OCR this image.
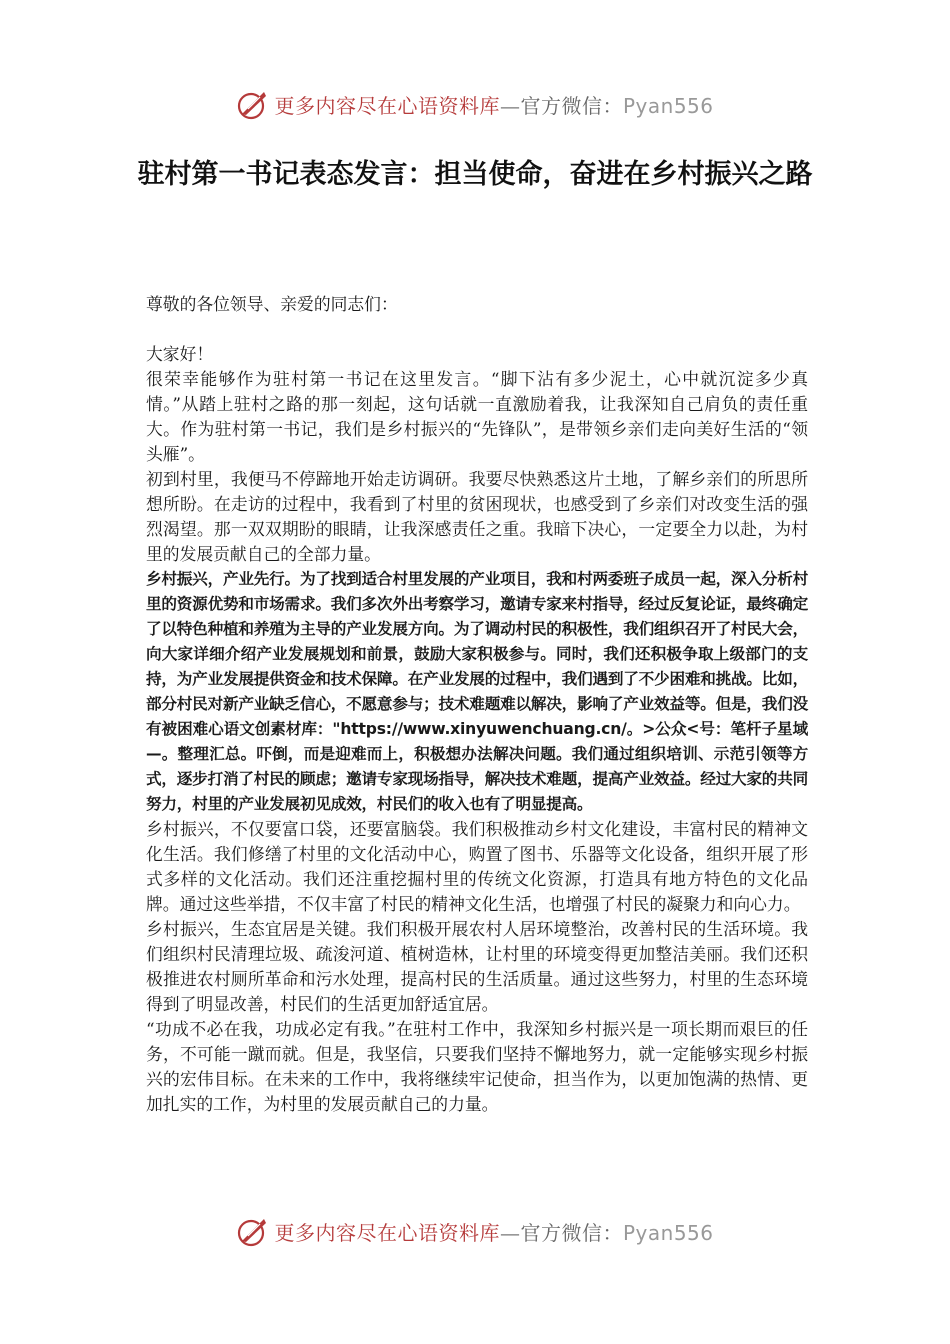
更多内容尽在心语资料库—官方微信：Pyan556
驻村第一书记表态发言：担当使命，奋进在乡村振兴之路

尊敬的各位领导、亲爱的同志们：

大家好！

很荣幸能够作为驻村第一书记在这里发言。“脚下沾有多少泥土，心中就沉淀多少真情。”从踏上驻村之路的那一刻起，这句话就一直激励着我，让我深知自己肩负的责任重大。作为驻村第一书记，我们是乡村振兴的“先锋队”，是带领乡亲们走向美好生活的“领头雁”。

初到村里，我便马不停蹄地开始走访调研。我要尽快熟悉这片土地，了解乡亲们的所思所想所盼。在走访的过程中，我看到了村里的贫困现状，也感受到了乡亲们对改变生活的强烈渴望。那一双双期盼的眼睛，让我深感责任之重。我暗下决心，一定要全力以赴，为村里的发展贡献自己的全部力量。

乡村振兴，产业先行。为了找到适合村里发展的产业项目，我和村两委班子成员一起，深入分析村里的资源优势和市场需求。我们多次外出考察学习，邀请专家来村指导，经过反复论证，最终确定了以特色种植和养殖为主导的产业发展方向。为了调动村民的积极性，我们组织召开了村民大会，向大家详细介绍产业发展规划和前景，鼓励大家积极参与。同时，我们还积极争取上级部门的支持，为产业发展提供资金和技术保障。在产业发展的过程中，我们遇到了不少困难和挑战。比如，部分村民对新产业缺乏信心，不愿意参与；技术难题难以解决，影响了产业效益等。但是，我们没有被困难心语文创素材库："https://www.xinyuwenchuang.cn/。>公众<号：笔杆子星域—。整理汇总。吓倒，而是迎难而上，积极想办法解决问题。我们通过组织培训、示范引领等方式，逐步打消了村民的顾虑；邀请专家现场指导，解决技术难题，提高产业效益。经过大家的共同努力，村里的产业发展初见成效，村民们的收入也有了明显提高。

乡村振兴，不仅要富口袋，还要富脑袋。我们积极推动乡村文化建设，丰富村民的精神文化生活。我们修缮了村里的文化活动中心，购置了图书、乐器等文化设备，组织开展了形式多样的文化活动。我们还注重挖掘村里的传统文化资源，打造具有地方特色的文化品牌。通过这些举措，不仅丰富了村民的精神文化生活，也增强了村民的凝聚力和向心力。

乡村振兴，生态宜居是关键。我们积极开展农村人居环境整治，改善村民的生活环境。我们组织村民清理垃圾、疏浚河道、植树造林，让村里的环境变得更加整洁美丽。我们还积极推进农村厕所革命和污水处理，提高村民的生活质量。通过这些努力，村里的生态环境得到了明显改善，村民们的生活更加舒适宜居。

“功成不必在我，功成必定有我。”在驻村工作中，我深知乡村振兴是一项长期而艰巨的任务，不可能一蹴而就。但是，我坚信，只要我们坚持不懈地努力，就一定能够实现乡村振兴的宏伟目标。在未来的工作中，我将继续牢记使命，担当作为，以更加饱满的热情、更加扎实的工作，为村里的发展贡献自己的力量。

更多内容尽在心语资料库—官方微信：Pyan556
